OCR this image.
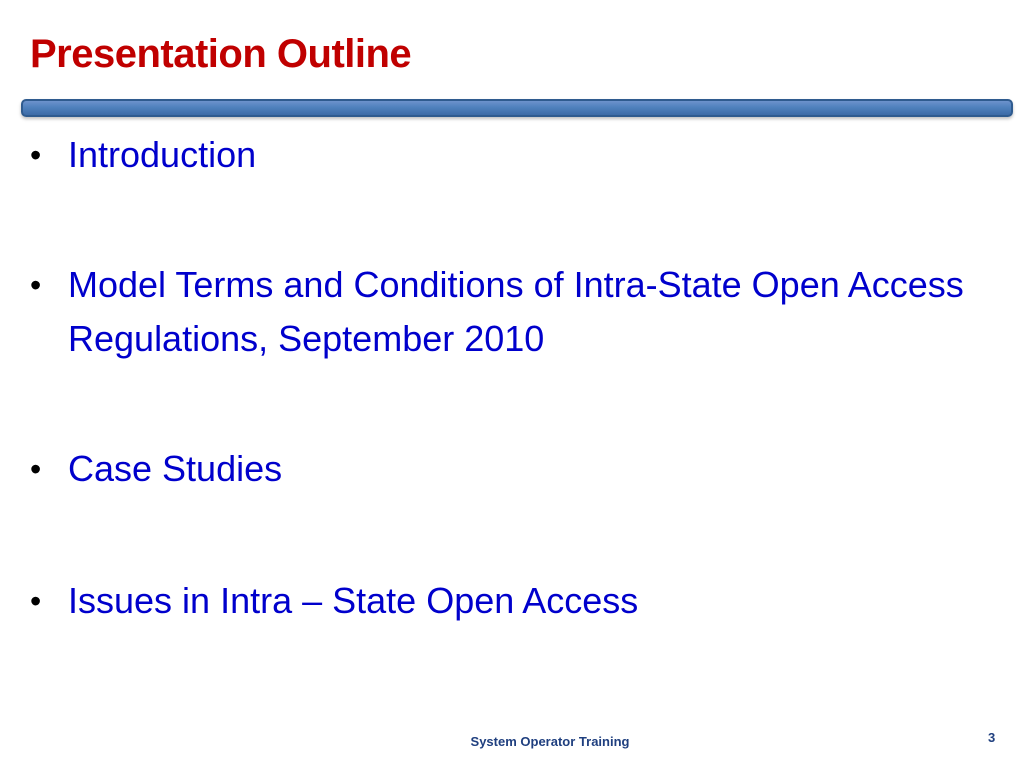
Presentation Outline
• Introduction
• Model Terms and Conditions of Intra-State Open Access Regulations, September 2010
• Case Studies
• Issues in Intra – State Open Access
System Operator Training	3
